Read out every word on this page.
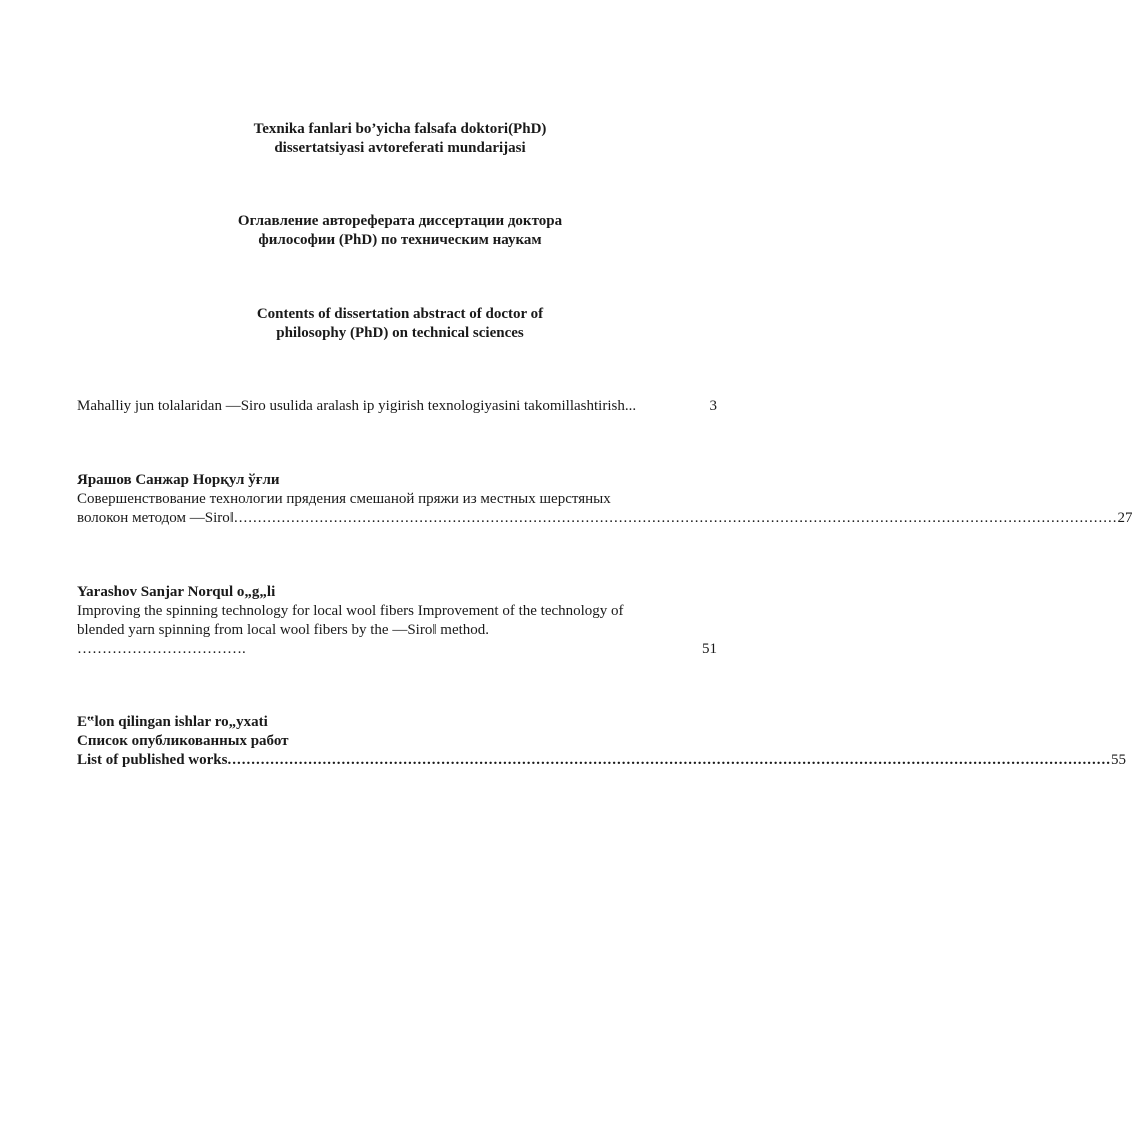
Texnika fanlari bo’yicha falsafa doktori(PhD)
dissertatsiyasi avtoreferati mundarijasi
Оглавление автореферата диссертации доктора
философии (PhD) по техническим наукам
Contents of dissertation abstract of doctor of
philosophy (PhD) on technical sciences
Mahalliy jun tolalaridan ―Siro usulida aralash ip yigirish texnologiyasini takomillashtirish...	3
Ярашов Санжар Норқул ўғли
Совершенствование технологии прядения смешаной пряжи из местных шерстяных
волокон методом ―Siro‖ .......................................................................................................................................................................................... 27
Yarashov Sanjar Norqul o„g„li
Improving the spinning technology for local wool fibers Improvement of the technology of
blended yarn spinning from local wool fibers by the ―Siro‖ method.
…………………………….	51
E‟lon qilingan ishlar ro„yxati
Список опубликованных работ
List of published works .......................................................................................................................................................................................... 55
